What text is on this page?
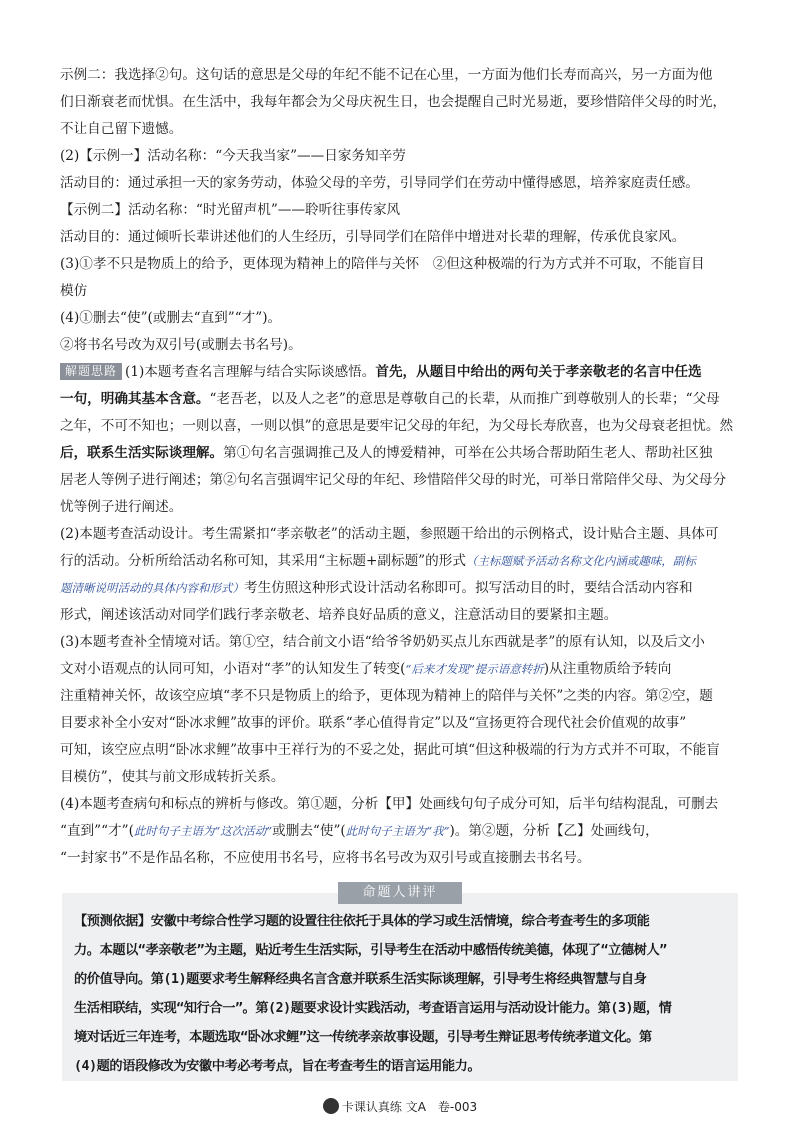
示例二：我选择②句。这句话的意思是父母的年纪不能不记在心里，一方面为他们长寿而高兴，另一方面为他
们日渐衰老而忧惧。在生活中，我每年都会为父母庆祝生日，也会提醒自己时光易逝，要珍惜陪伴父母的时光，
不让自己留下遗憾。
(2)【示例一】活动名称：“今天我当家”——日家务知辛劳
活动目的：通过承担一天的家务劳动，体验父母的辛劳，引导同学们在劳动中懂得感恩，培养家庭责任感。
【示例二】活动名称：“时光留声机”——聆听往事传家风
活动目的：通过倾听长辈讲述他们的人生经历，引导同学们在陪伴中增进对长辈的理解，传承优良家风。
(3)①孝不只是物质上的给予，更体现为精神上的陪伴与关怀　②但这种极端的行为方式并不可取，不能盲目
模仿
(4)①删去“使”(或删去“直到”“才”)。
②将书名号改为双引号(或删去书名号)。
解题思路 (1)本题考查名言理解与结合实际谈感悟。首先，从题目中给出的两句关于孝亲敬老的名言中任选
一句，明确其基本含意。“老吾老，以及人之老”的意思是尊敬自己的长辈，从而推广到尊敬别人的长辈；“父母
之年，不可不知也；一则以喜，一则以惧”的意思是要牢记父母的年纪，为父母长寿欣喜，也为父母衰老担忧。然
后，联系生活实际谈理解。第①句名言强调推己及人的博爱精神，可举在公共场合帮助陌生老人、帮助社区独
居老人等例子进行阐述；第②句名言强调牢记父母的年纪、珍惜陪伴父母的时光，可举日常陪伴父母、为父母分
忧等例子进行阐述。
(2)本题考查活动设计。考生需紧扣“孝亲敬老”的活动主题，参照题干给出的示例格式，设计贴合主题、具体可
行的活动。分析所给活动名称可知，其采用“主标题+副标题”的形式（主标题赋予活动名称文化内涵或趣味，副标
题清晰说明活动的具体内容和形式）考生仿照这种形式设计活动名称即可。拟写活动目的时，要结合活动内容和
形式，阐述该活动对同学们践行孝亲敬老、培养良好品质的意义，注意活动目的要紧扣主题。
(3)本题考查补全情境对话。第①空，结合前文小语“给爷爷奶奶买点儿东西就是孝”的原有认知，以及后文小
文对小语观点的认同可知，小语对“孝”的认知发生了转变(“后来才发现”提示语意转折)从注重物质给予转向
注重精神关怀，故该空应填“孝不只是物质上的给予，更体现为精神上的陪伴与关怀”之类的内容。第②空，题
目要求补全小安对“卧冰求鲤”故事的评价。联系“孝心值得肯定”以及“宣扬更符合现代社会价值观的故事”
可知，该空应点明“卧冰求鲤”故事中王祥行为的不妥之处，据此可填“但这种极端的行为方式并不可取，不能盲
目模仿”，使其与前文形成转折关系。
(4)本题考查病句和标点的辨析与修改。第①题，分析【甲】处画线句句子成分可知，后半句结构混乱，可删去
“直到”“才”(此时句子主语为“这次活动”或删去“使”(此时句子主语为“我”)。第②题，分析【乙】处画线句，
“一封家书”不是作品名称，不应使用书名号，应将书名号改为双引号或直接删去书名号。
【预测依据】安徽中考综合性学习题的设置往往依托于具体的学习或生活情境，综合考查考生的多项能
力。本题以“孝亲敬老”为主题，贴近考生生活实际，引导考生在活动中感悟传统美德，体现了“立德树人”
的价值导向。第(1)题要求考生解释经典名言含意并联系生活实际谈理解，引导考生将经典智慧与自身
生活相联结，实现“知行合一”。第(2)题要求设计实践活动，考查语言运用与活动设计能力。第(3)题，情
境对话近三年连考，本题选取“卧冰求鲤”这一传统孝亲故事设题，引导考生辩证思考传统孝道文化。第
(4)题的语段修改为安徽中考必考考点，旨在考查考生的语言运用能力。
命题人讲评
卡课认真练 文A　卷-003
